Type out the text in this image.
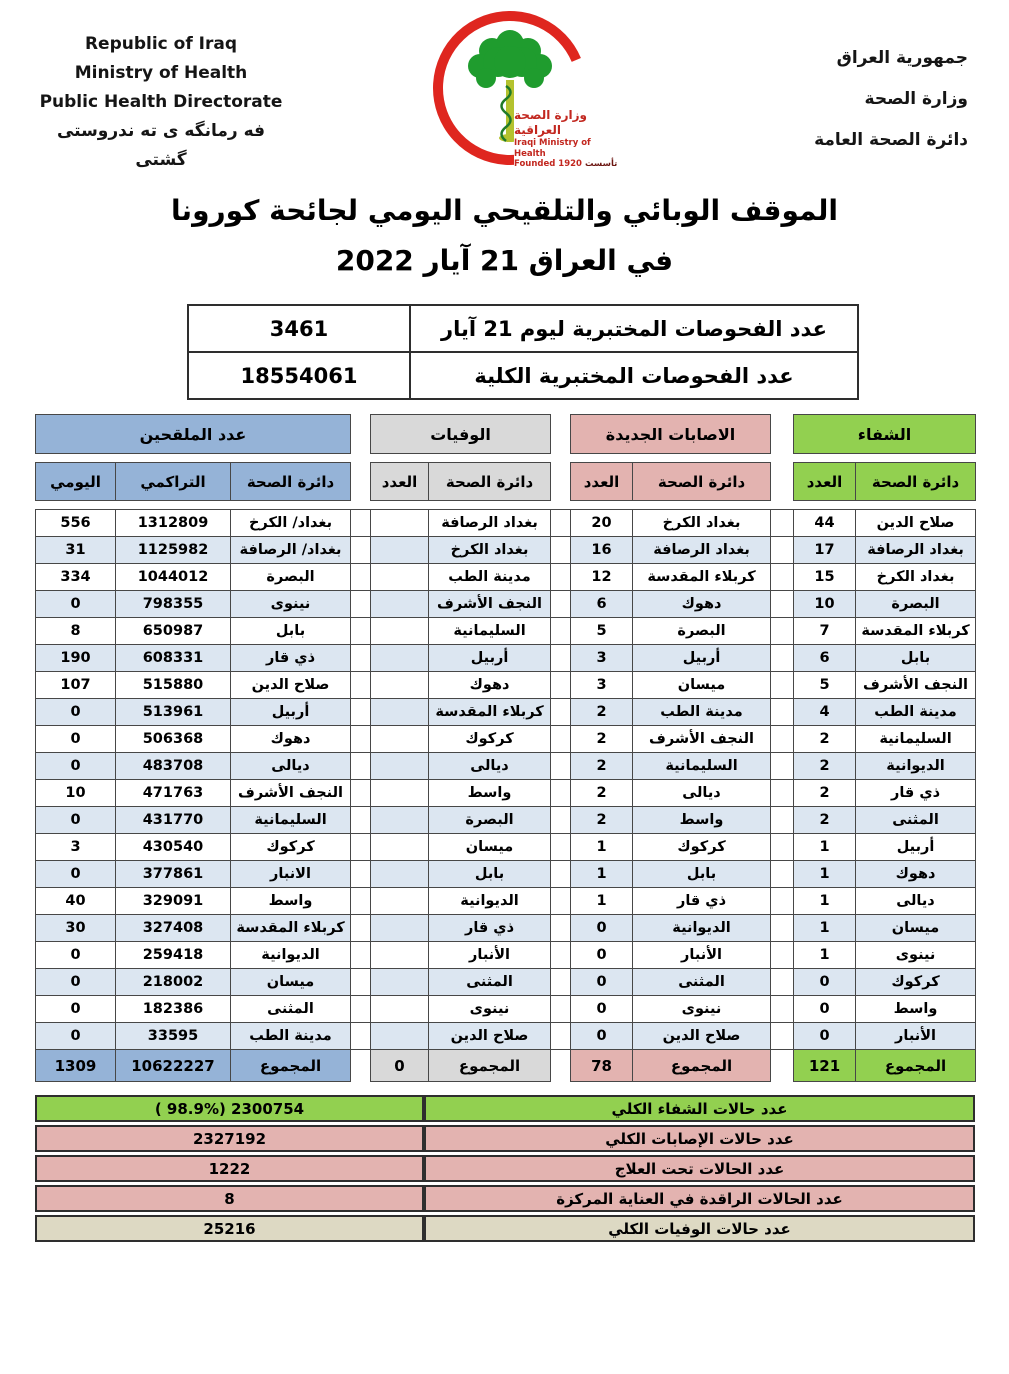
Republic of Iraq
Ministry of Health
Public Health Directorate
فه رمانگه ی ته ندروستی گشتی
وزارة الصحة العراقية
Iraqi Ministry of Health
Founded 1920 تأسست
جمهورية العراق
وزارة الصحة
دائرة الصحة العامة
الموقف الوبائي والتلقيحي اليومي لجائحة كورونا
في العراق 21 آيار 2022
3461	عدد الفحوصات المختبرية ليوم 21 آيار
18554061	عدد الفحوصات المختبرية الكلية
عدد الملقحين				الوفيات			الاصابات الجديدة			الشفاء	

اليومي	التراكمي	دائرة الصحة		العدد	دائرة الصحة		العدد	دائرة الصحة		العدد	دائرة الصحة

556	1312809	بغداد/ الكرخ			بغداد الرصافة		20	بغداد الكرخ		44	صلاح الدين
31	1125982	بغداد/ الرصافة			بغداد الكرخ		16	بغداد الرصافة		17	بغداد الرصافة
334	1044012	البصرة			مدينة الطب		12	كربلاء المقدسة		15	بغداد الكرخ
0	798355	نينوى			النجف الأشرف		6	دهوك		10	البصرة
8	650987	بابل			السليمانية		5	البصرة		7	كربلاء المقدسة
190	608331	ذي قار			أربيل		3	أربيل		6	بابل
107	515880	صلاح الدين			دهوك		3	ميسان		5	النجف الأشرف
0	513961	أربيل			كربلاء المقدسة		2	مدينة الطب		4	مدينة الطب
0	506368	دهوك			كركوك		2	النجف الأشرف		2	السليمانية
0	483708	ديالى			ديالى		2	السليمانية		2	الديوانية
10	471763	النجف الأشرف			واسط		2	ديالى		2	ذي قار
0	431770	السليمانية			البصرة		2	واسط		2	المثنى
3	430540	كركوك			ميسان		1	كركوك		1	أربيل
0	377861	الانبار			بابل		1	بابل		1	دهوك
40	329091	واسط			الديوانية		1	ذي قار		1	ديالى
30	327408	كربلاء المقدسة			ذي قار		0	الديوانية		1	ميسان
0	259418	الديوانية			الأنبار		0	الأنبار		1	نينوى
0	218002	ميسان			المثنى		0	المثنى		0	كركوك
0	182386	المثنى			نينوى		0	نينوى		0	واسط
0	33595	مدينة الطب			صلاح الدين		0	صلاح الدين		0	الأنبار
1309	10622227	المجموع		0	المجموع		78	المجموع		121	المجموع
( 98.9%) 2300754	عدد حالات الشفاء الكلي
2327192	عدد حالات الإصابات الكلي
1222	عدد الحالات تحت العلاج
8	عدد الحالات الراقدة في العناية المركزة
25216	عدد حالات الوفيات الكلي
